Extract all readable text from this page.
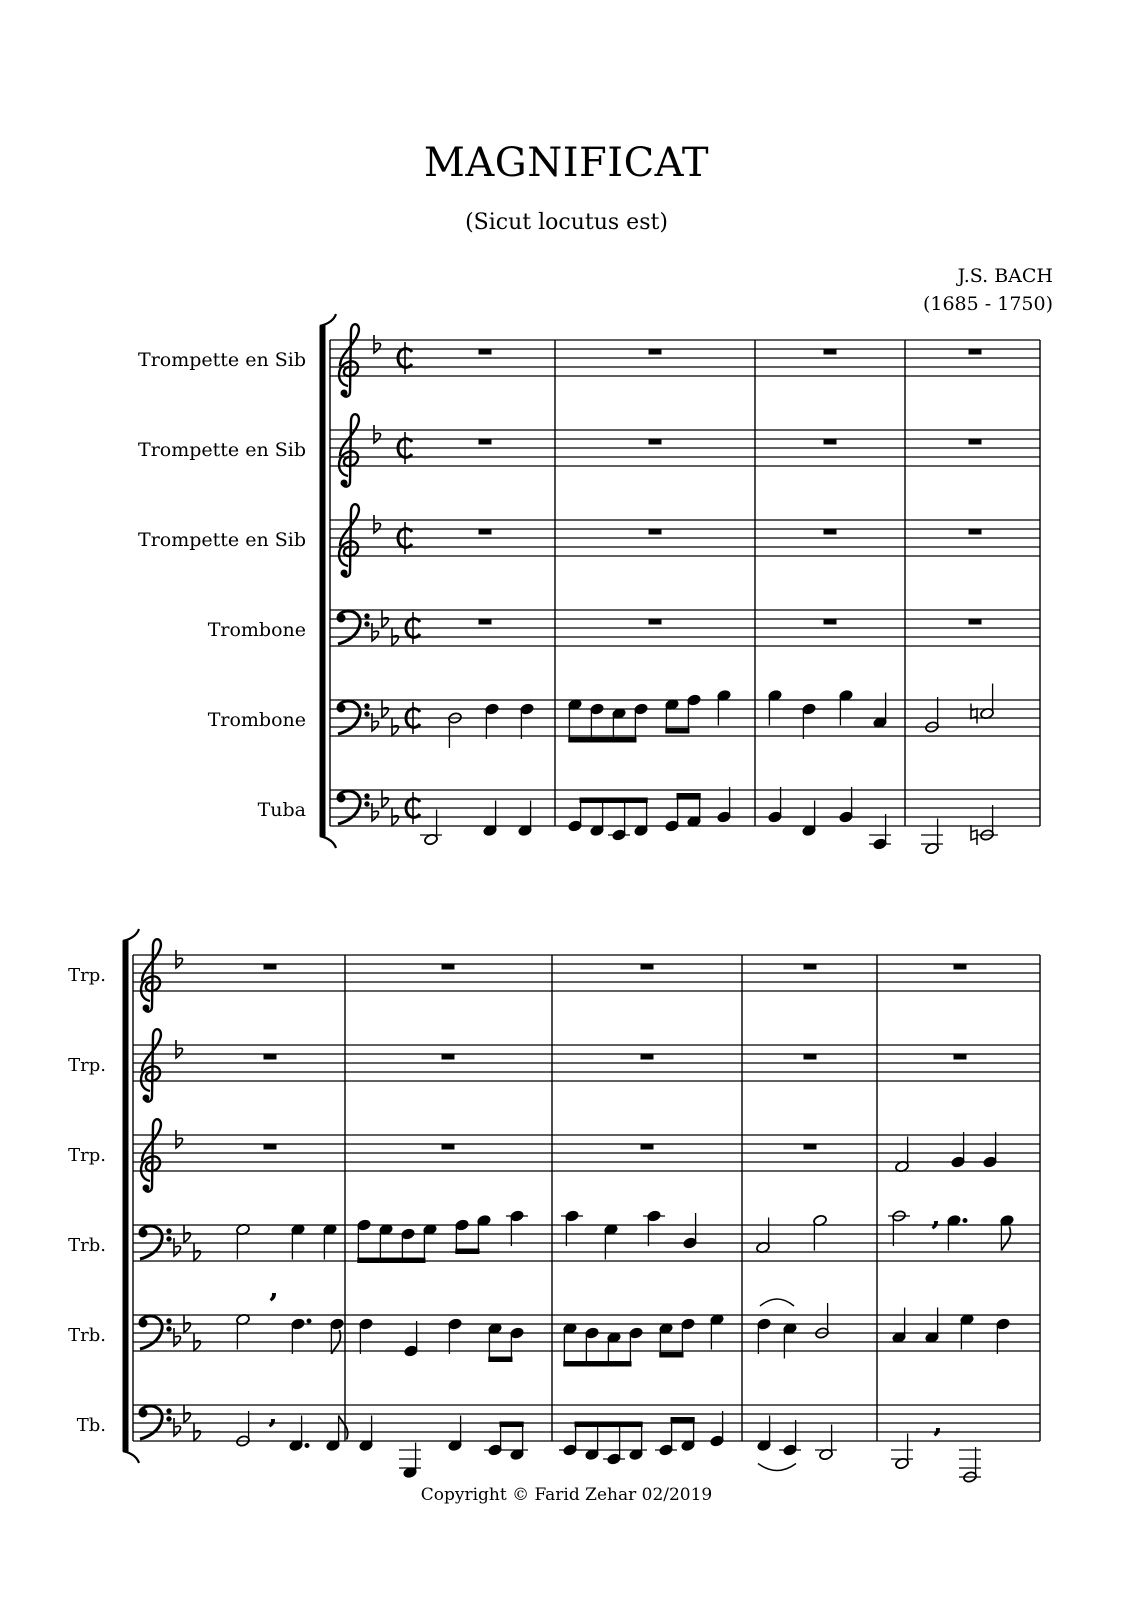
MAGNIFICAT
(Sicut locutus est)
J.S. BACH
(1685 - 1750)
,
,
,	,
Trompette en Sib
Trompette en Sib
Trompette en Sib
Trombone
Trombone
Tuba
Trp.
Trp.
Trp.
Trb.
Trb.
Tb.
Copyright © Farid Zehar 02/2019
